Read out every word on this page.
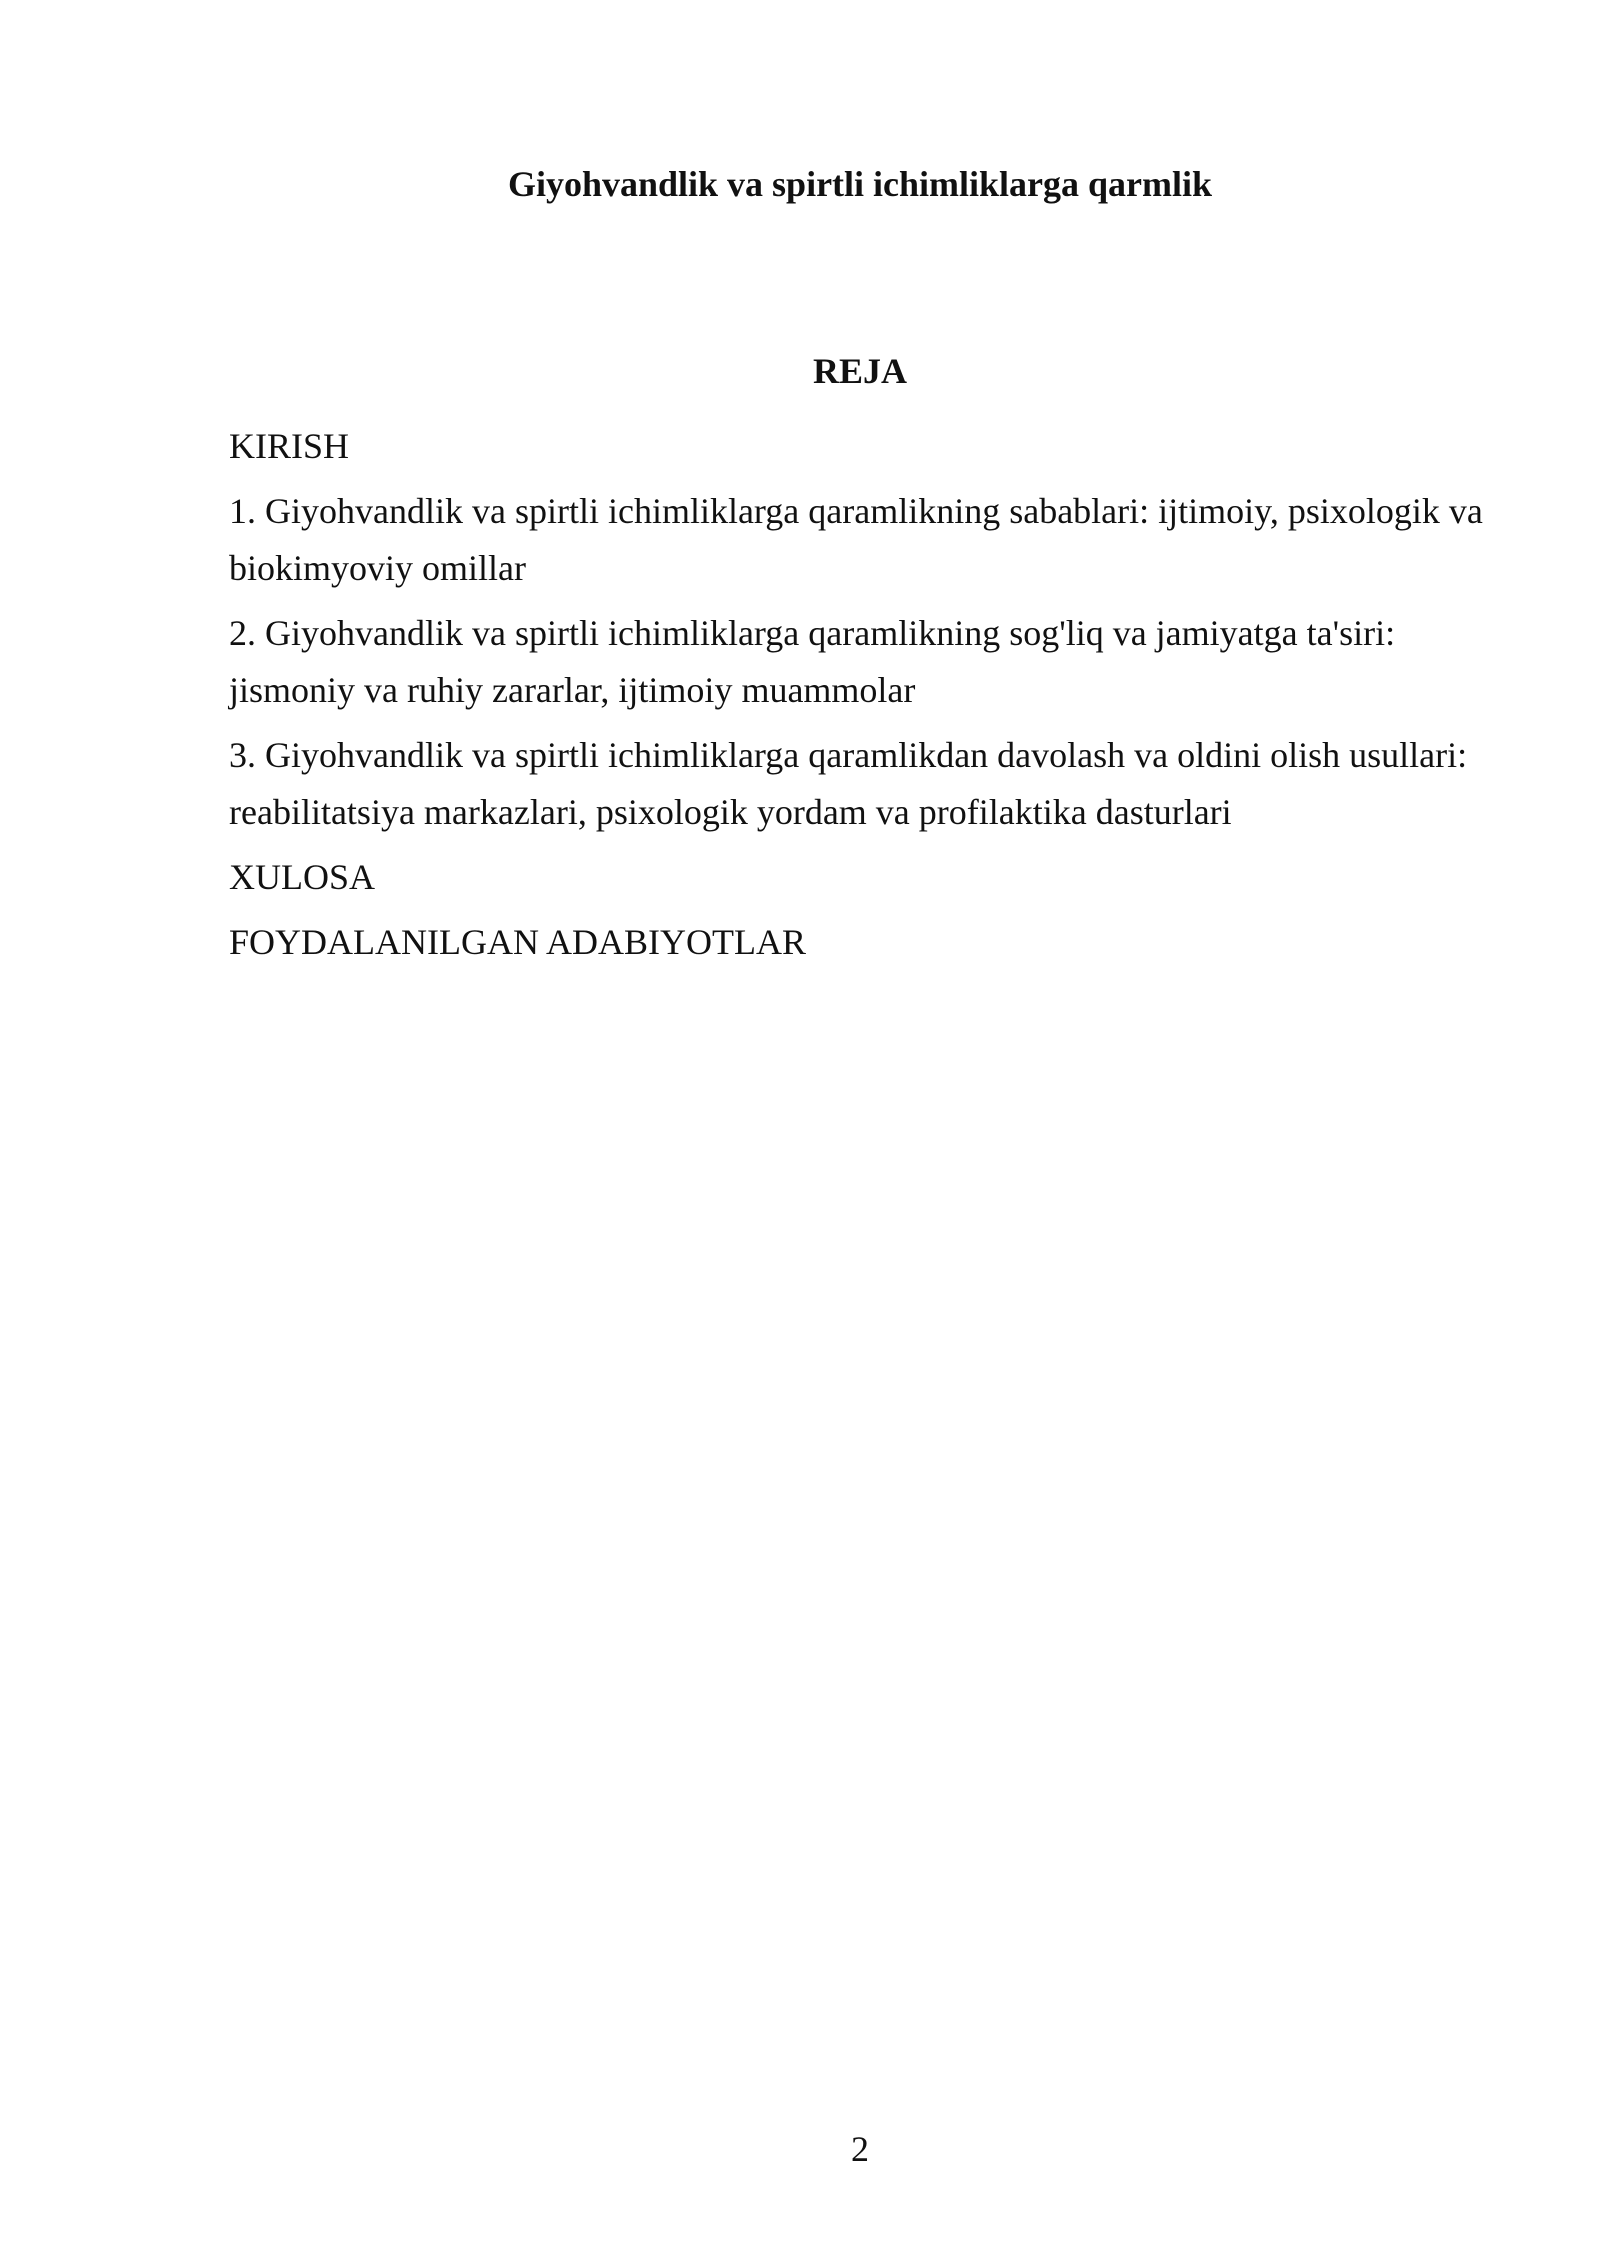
Giyohvandlik va spirtli ichimliklarga qarmlik
REJA
KIRISH
1. Giyohvandlik va spirtli ichimliklarga qaramlikning sabablari: ijtimoiy, psixologik va biokimyoviy omillar
2. Giyohvandlik va spirtli ichimliklarga qaramlikning sog'liq va jamiyatga ta'siri: jismoniy va ruhiy zararlar, ijtimoiy muammolar
3. Giyohvandlik va spirtli ichimliklarga qaramlikdan davolash va oldini olish usullari: reabilitatsiya markazlari, psixologik yordam va profilaktika dasturlari
XULOSA
FOYDALANILGAN ADABIYOTLAR
2
